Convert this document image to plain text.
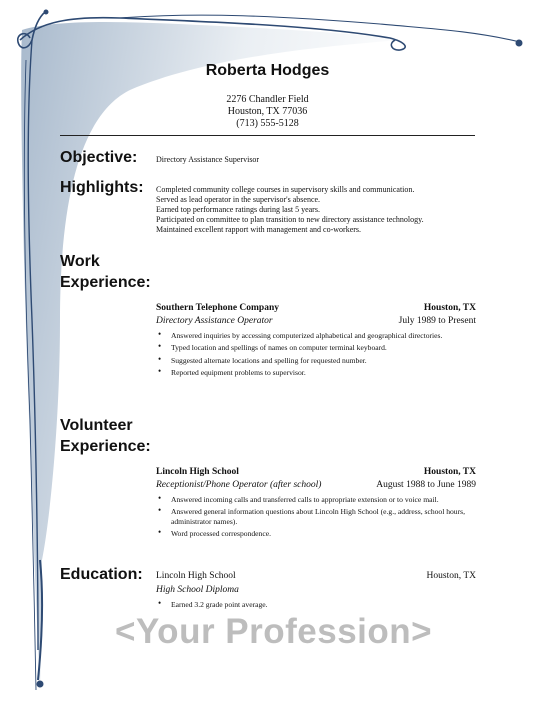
Roberta Hodges
2276 Chandler Field
Houston, TX 77036
(713) 555-5128
Objective: Directory Assistance Supervisor
Highlights: Completed community college courses in supervisory skills and communication.
Served as lead operator in the supervisor's absence.
Earned top performance ratings during last 5 years.
Participated on committee to plan transition to new directory assistance technology.
Maintained excellent rapport with management and co-workers.
Work
Experience:
Southern Telephone Company	Houston, TX
Directory Assistance Operator	July 1989 to Present
• Answered inquiries by accessing computerized alphabetical and geographical directories.
• Typed location and spellings of names on computer terminal keyboard.
• Suggested alternate locations and spelling for requested number.
• Reported equipment problems to supervisor.
Volunteer
Experience:
Lincoln High School	Houston, TX
Receptionist/Phone Operator (after school)	August 1988 to June 1989
• Answered incoming calls and transferred calls to appropriate extension or to voice mail.
• Answered general information questions about Lincoln High School (e.g., address, school hours, administrator names).
• Word processed correspondence.
Education: Lincoln High School	Houston, TX
High School Diploma
• Earned 3.2 grade point average.
<Your Profession>
